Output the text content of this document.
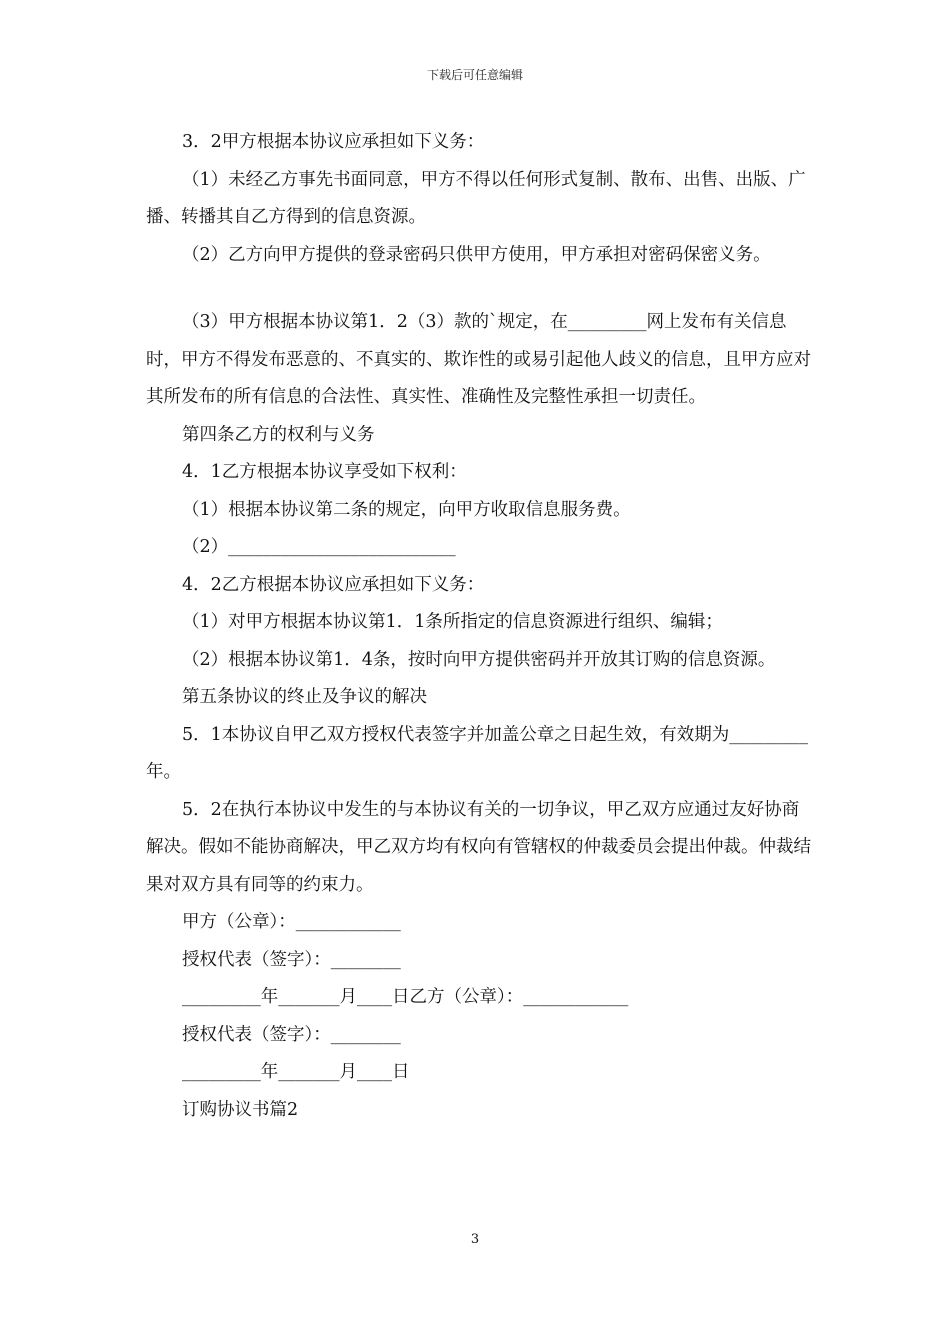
下载后可任意编辑

3．2甲方根据本协议应承担如下义务：

（1）未经乙方事先书面同意，甲方不得以任何形式复制、散布、出售、出版、广播、转播其自乙方得到的信息资源。

（2）乙方向甲方提供的登录密码只供甲方使用，甲方承担对密码保密义务。

（3）甲方根据本协议第1．2（3）款的`规定，在_________网上发布有关信息时，甲方不得发布恶意的、不真实的、欺诈性的或易引起他人歧义的信息，且甲方应对其所发布的所有信息的合法性、真实性、准确性及完整性承担一切责任。

第四条乙方的权利与义务

4．1乙方根据本协议享受如下权利：

（1）根据本协议第二条的规定，向甲方收取信息服务费。

（2）__________________________

4．2乙方根据本协议应承担如下义务：

（1）对甲方根据本协议第1．1条所指定的信息资源进行组织、编辑；

（2）根据本协议第1．4条，按时向甲方提供密码并开放其订购的信息资源。

第五条协议的终止及争议的解决

5．1本协议自甲乙双方授权代表签字并加盖公章之日起生效，有效期为_________年。

5．2在执行本协议中发生的与本协议有关的一切争议，甲乙双方应通过友好协商解决。假如不能协商解决，甲乙双方均有权向有管辖权的仲裁委员会提出仲裁。仲裁结果对双方具有同等的约束力。

甲方（公章）：____________

授权代表（签字）：________

_________年_______月____日乙方（公章）：____________

授权代表（签字）：________

_________年_______月____日

订购协议书篇2

3
